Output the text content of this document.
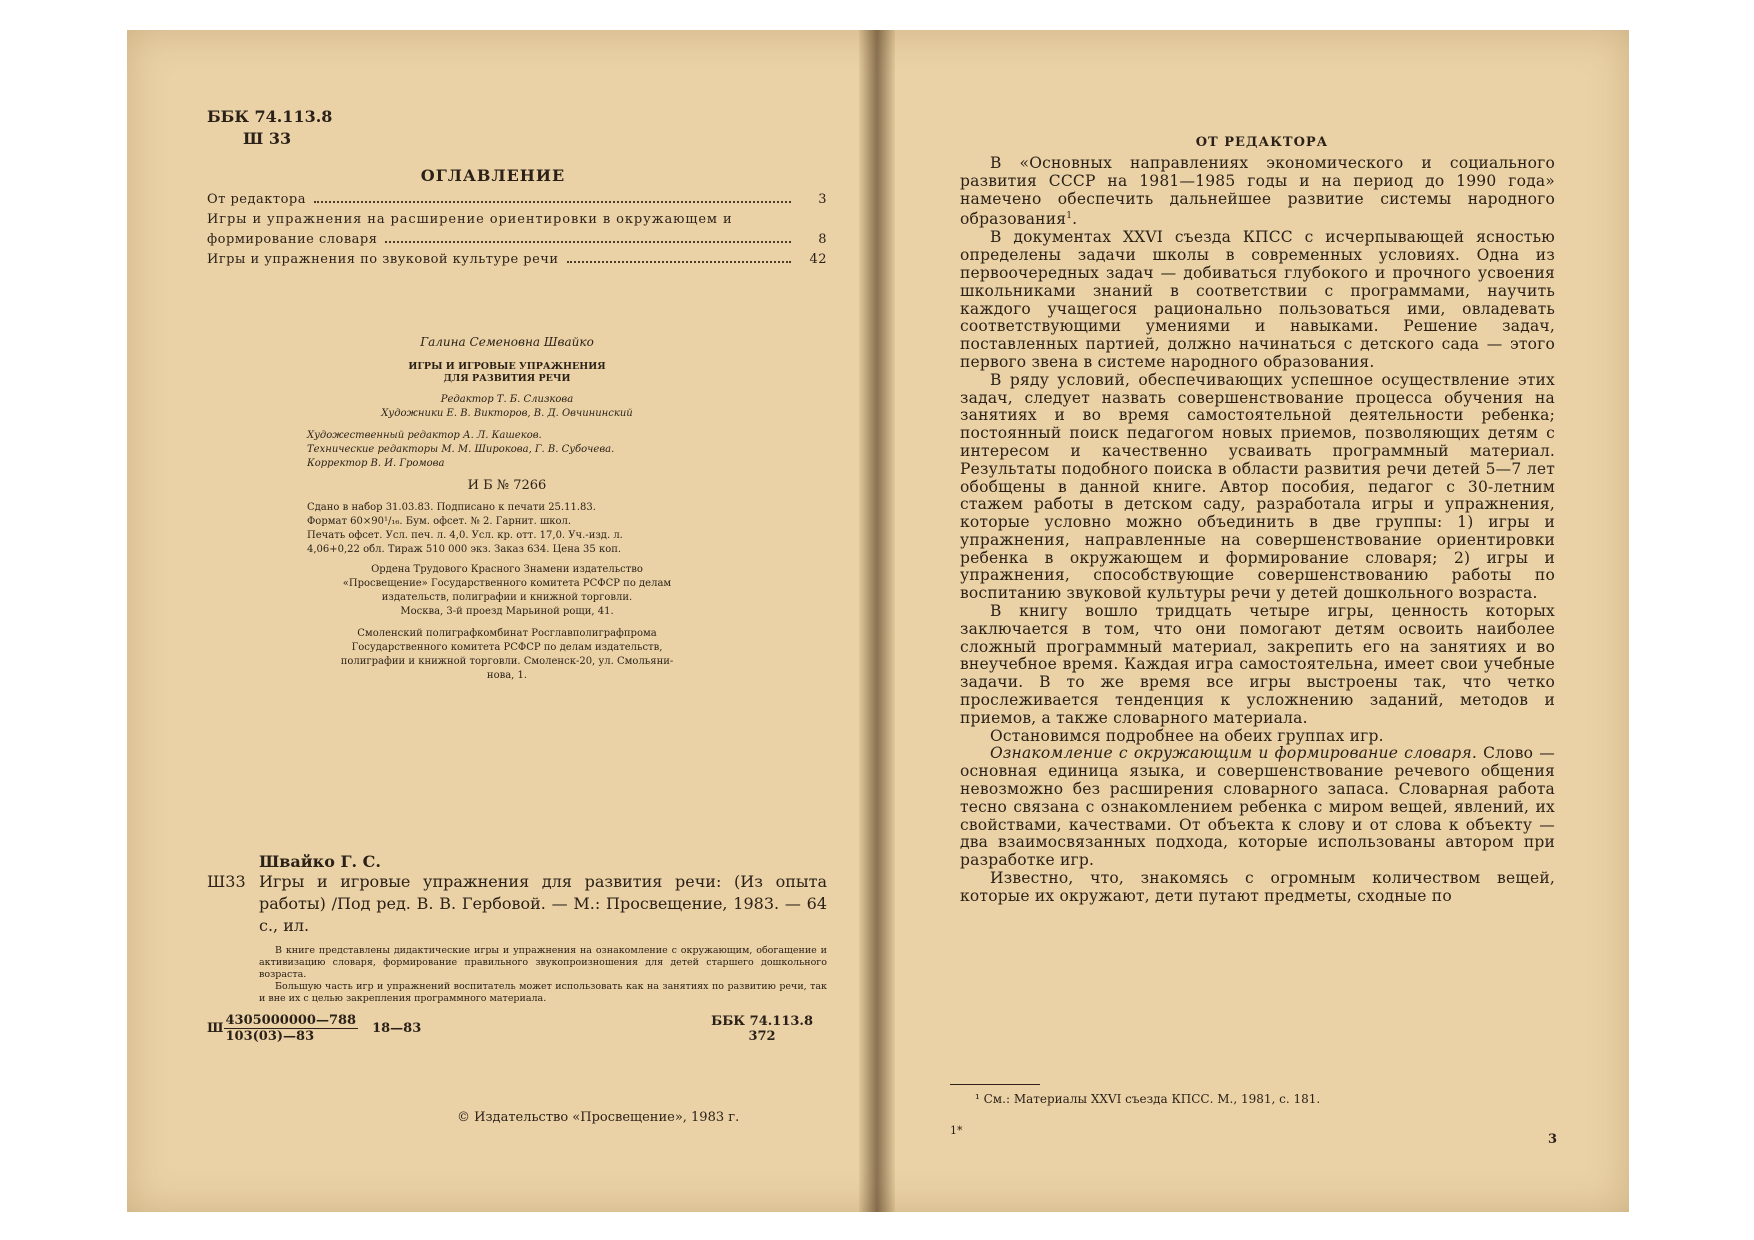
ББК 74.113.8
Ш 33
ОГЛАВЛЕНИЕ
От редактора	3
Игры и упражнения на расширение ориентировки в окружающем и
формирование словаря	8
Игры и упражнения по звуковой культуре речи	42
Галина Семеновна Швайко
ИГРЫ И ИГРОВЫЕ УПРАЖНЕНИЯ
ДЛЯ РАЗВИТИЯ РЕЧИ
Редактор Т. Б. Слизкова
Художники Е. В. Викторов, В. Д. Овчининский
Художественный редактор А. Л. Кашеков.
Технические редакторы М. М. Широкова, Г. В. Субочева.
Корректор В. И. Громова
И Б № 7266
Сдано в набор 31.03.83. Подписано к печати 25.11.83.
Формат 60×90¹/₁₆. Бум. офсет. № 2. Гарнит. школ.
Печать офсет. Усл. печ. л. 4,0. Усл. кр. отт. 17,0. Уч.-изд. л.
4,06+0,22 обл. Тираж 510 000 экз. Заказ 634. Цена 35 коп.
Ордена Трудового Красного Знамени издательство
«Просвещение» Государственного комитета РСФСР по делам
издательств, полиграфии и книжной торговли.
Москва, 3-й проезд Марьиной рощи, 41.
Смоленский полиграфкомбинат Росглавполиграфпрома
Государственного комитета РСФСР по делам издательств,
полиграфии и книжной торговли. Смоленск-20, ул. Смольяни-
нова, 1.
Швайко Г. С.
Ш33 Игры и игровые упражнения для развития речи: (Из опыта работы) /Под ред. В. В. Гербовой. — М.: Просвещение, 1983. — 64 с., ил.
В книге представлены дидактические игры и упражнения на ознакомление с окружающим, обогащение и активизацию словаря, формирование правильного звукопроизношения для детей старшего дошкольного возраста.
Большую часть игр и упражнений воспитатель может использовать как на занятиях по развитию речи, так и вне их с целью закрепления программного материала.
Ш $\frac{4305000000—788}{103(03)—83}$ 18—83	ББК 74.113.8
372
© Издательство «Просвещение», 1983 г.
ОТ РЕДАКТОРА

В «Основных направлениях экономического и социального развития СССР на 1981—1985 годы и на период до 1990 года» намечено обеспечить дальнейшее развитие системы народного образования$^1$.

В документах XXVI съезда КПСС с исчерпывающей ясностью определены задачи школы в современных условиях. Одна из первоочередных задач — добиваться глубокого и прочного усвоения школьниками знаний в соответствии с программами, научить каждого учащегося рационально пользоваться ими, овладевать соответствующими умениями и навыками. Решение задач, поставленных партией, должно начинаться с детского сада — этого первого звена в системе народного образования.

В ряду условий, обеспечивающих успешное осуществление этих задач, следует назвать совершенствование процесса обучения на занятиях и во время самостоятельной деятельности ребенка; постоянный поиск педагогом новых приемов, позволяющих детям с интересом и качественно усваивать программный материал. Результаты подобного поиска в области развития речи детей 5—7 лет обобщены в данной книге. Автор пособия, педагог с 30-летним стажем работы в детском саду, разработала игры и упражнения, которые условно можно объединить в две группы: 1) игры и упражнения, направленные на совершенствование ориентировки ребенка в окружающем и формирование словаря; 2) игры и упражнения, способствующие совершенствованию работы по воспитанию звуковой культуры речи у детей дошкольного возраста.

В книгу вошло тридцать четыре игры, ценность которых заключается в том, что они помогают детям освоить наиболее сложный программный материал, закрепить его на занятиях и во внеучебное время. Каждая игра самостоятельна, имеет свои учебные задачи. В то же время все игры выстроены так, что четко прослеживается тенденция к усложнению заданий, методов и приемов, а также словарного материала.

Остановимся подробнее на обеих группах игр.

Ознакомление с окружающим и формирование словаря. Слово — основная единица языка, и совершенствование речевого общения невозможно без расширения словарного запаса. Словарная работа тесно связана с ознакомлением ребенка с миром вещей, явлений, их свойствами, качествами. От объекта к слову и от слова к объекту — два взаимосвязанных подхода, которые использованы автором при разработке игр.

Известно, что, знакомясь с огромным количеством вещей, которые их окружают, дети путают предметы, сходные по

¹ См.: Материалы XXVI съезда КПСС. М., 1981, с. 181.
1*
3
